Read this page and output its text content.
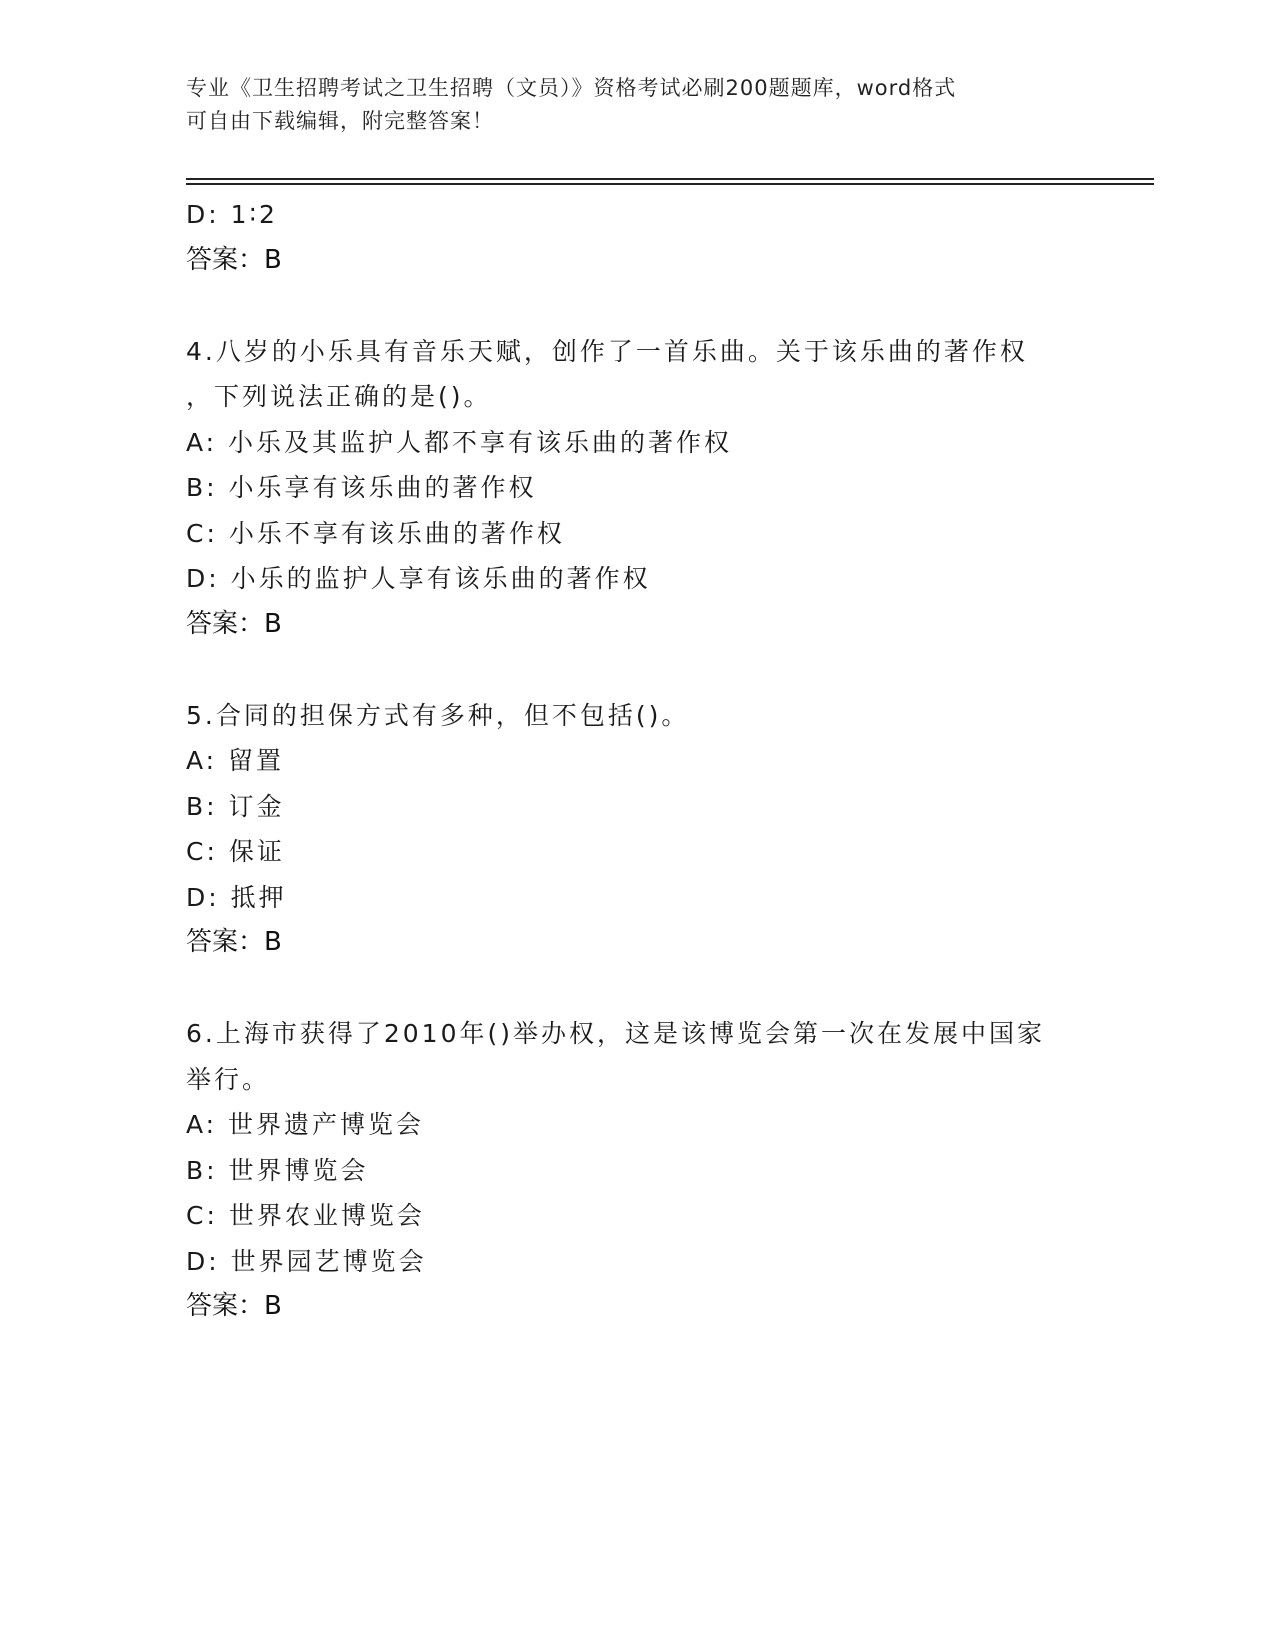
专业《卫生招聘考试之卫生招聘（文员）》资格考试必刷200题题库，word格式
可自由下载编辑，附完整答案！
D: 1∶2
答案：B
4.八岁的小乐具有音乐天赋，创作了一首乐曲。关于该乐曲的著作权
，下列说法正确的是()。
A: 小乐及其监护人都不享有该乐曲的著作权
B: 小乐享有该乐曲的著作权
C: 小乐不享有该乐曲的著作权
D: 小乐的监护人享有该乐曲的著作权
答案：B
5.合同的担保方式有多种，但不包括()。
A: 留置
B: 订金
C: 保证
D: 抵押
答案：B
6.上海市获得了2010年()举办权，这是该博览会第一次在发展中国家
举行。
A: 世界遗产博览会
B: 世界博览会
C: 世界农业博览会
D: 世界园艺博览会
答案：B
